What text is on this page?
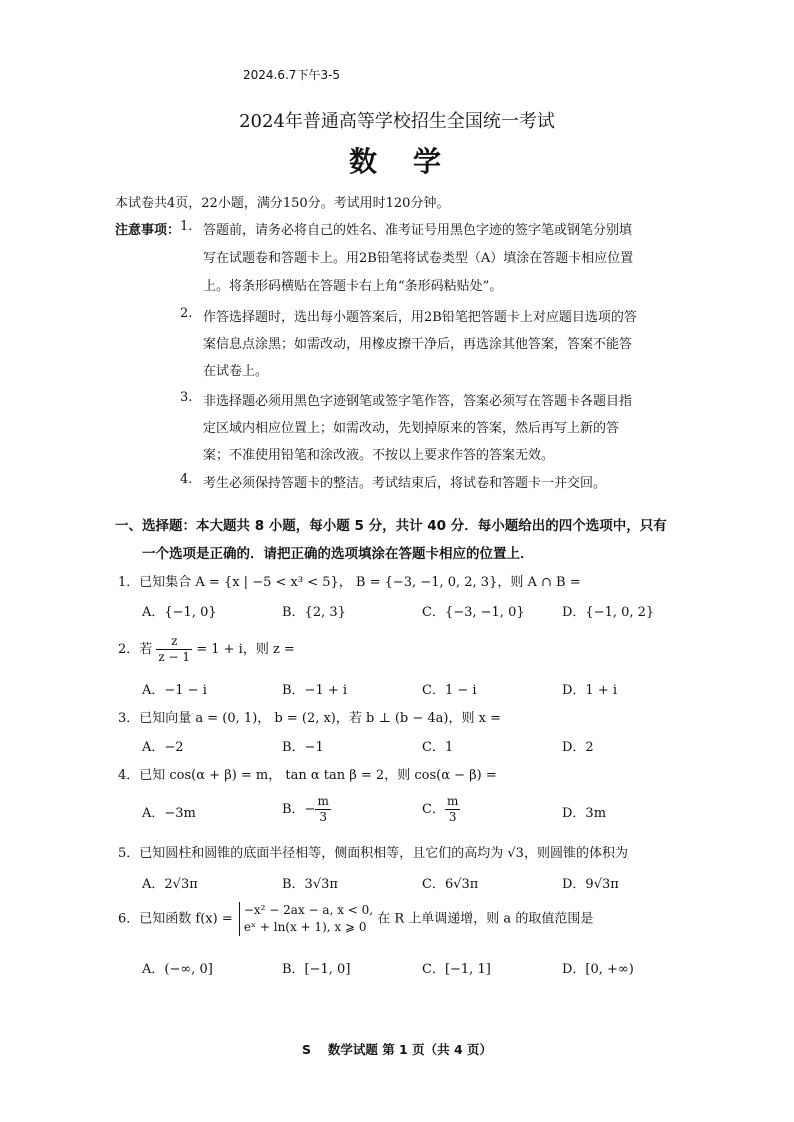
2024.6.7下午3-5
2024年普通高等学校招生全国统一考试
数　学
本试卷共4页，22小题，满分150分。考试用时120分钟。
注意事项： 1. 答题前，请务必将自己的姓名、准考证号用黑色字迹的签字笔或钢笔分别填
写在试题卷和答题卡上。用2B铅笔将试卷类型（A）填涂在答题卡相应位置
上。将条形码横贴在答题卡右上角“条形码粘贴处”。
2. 作答选择题时，选出每小题答案后，用2B铅笔把答题卡上对应题目选项的答
案信息点涂黑；如需改动，用橡皮擦干净后，再选涂其他答案，答案不能答
在试卷上。
3. 非选择题必须用黑色字迹钢笔或签字笔作答，答案必须写在答题卡各题目指
定区域内相应位置上；如需改动，先划掉原来的答案，然后再写上新的答
案；不准使用铅笔和涂改液。不按以上要求作答的答案无效。
4. 考生必须保持答题卡的整洁。考试结束后，将试卷和答题卡一并交回。
一、选择题：本大题共 8 小题，每小题 5 分，共计 40 分．每小题给出的四个选项中，只有
一个选项是正确的．请把正确的选项填涂在答题卡相应的位置上．
1．已知集合 A = {x | −5 < x³ < 5}， B = {−3, −1, 0, 2, 3}，则 A ∩ B =
A．{−1, 0}	B．{2, 3}	C．{−3, −1, 0}	D．{−1, 0, 2}
2．若 $\frac{z}{z - 1} = 1 + i$，则 z =
A．−1 − i	B．−1 + i	C．1 − i	D．1 + i
3．已知向量 a = (0, 1)， b = (2, x)，若 b ⊥ (b − 4a)，则 x =
A．−2	B．−1	C．1	D．2
4．已知 cos(α + β) = m， tan α tan β = 2，则 cos(α − β) =
A．−3m	B．− $\frac{m}{3}$	C． $\frac{m}{3}$	D．3m
5．已知圆柱和圆锥的底面半径相等，侧面积相等，且它们的高均为 √3，则圆锥的体积为
A．2√3π	B．3√3π	C．6√3π	D．9√3π
6．已知函数 f(x) =
−x² − 2ax − a, x < 0,
eˣ + ln(x + 1), x ⩾ 0
在 R 上单调递增，则 a 的取值范围是
A．(−∞, 0]	B．[−1, 0]	C．[−1, 1]	D．[0, +∞)
S　 数学试题 第 1 页（共 4 页）
